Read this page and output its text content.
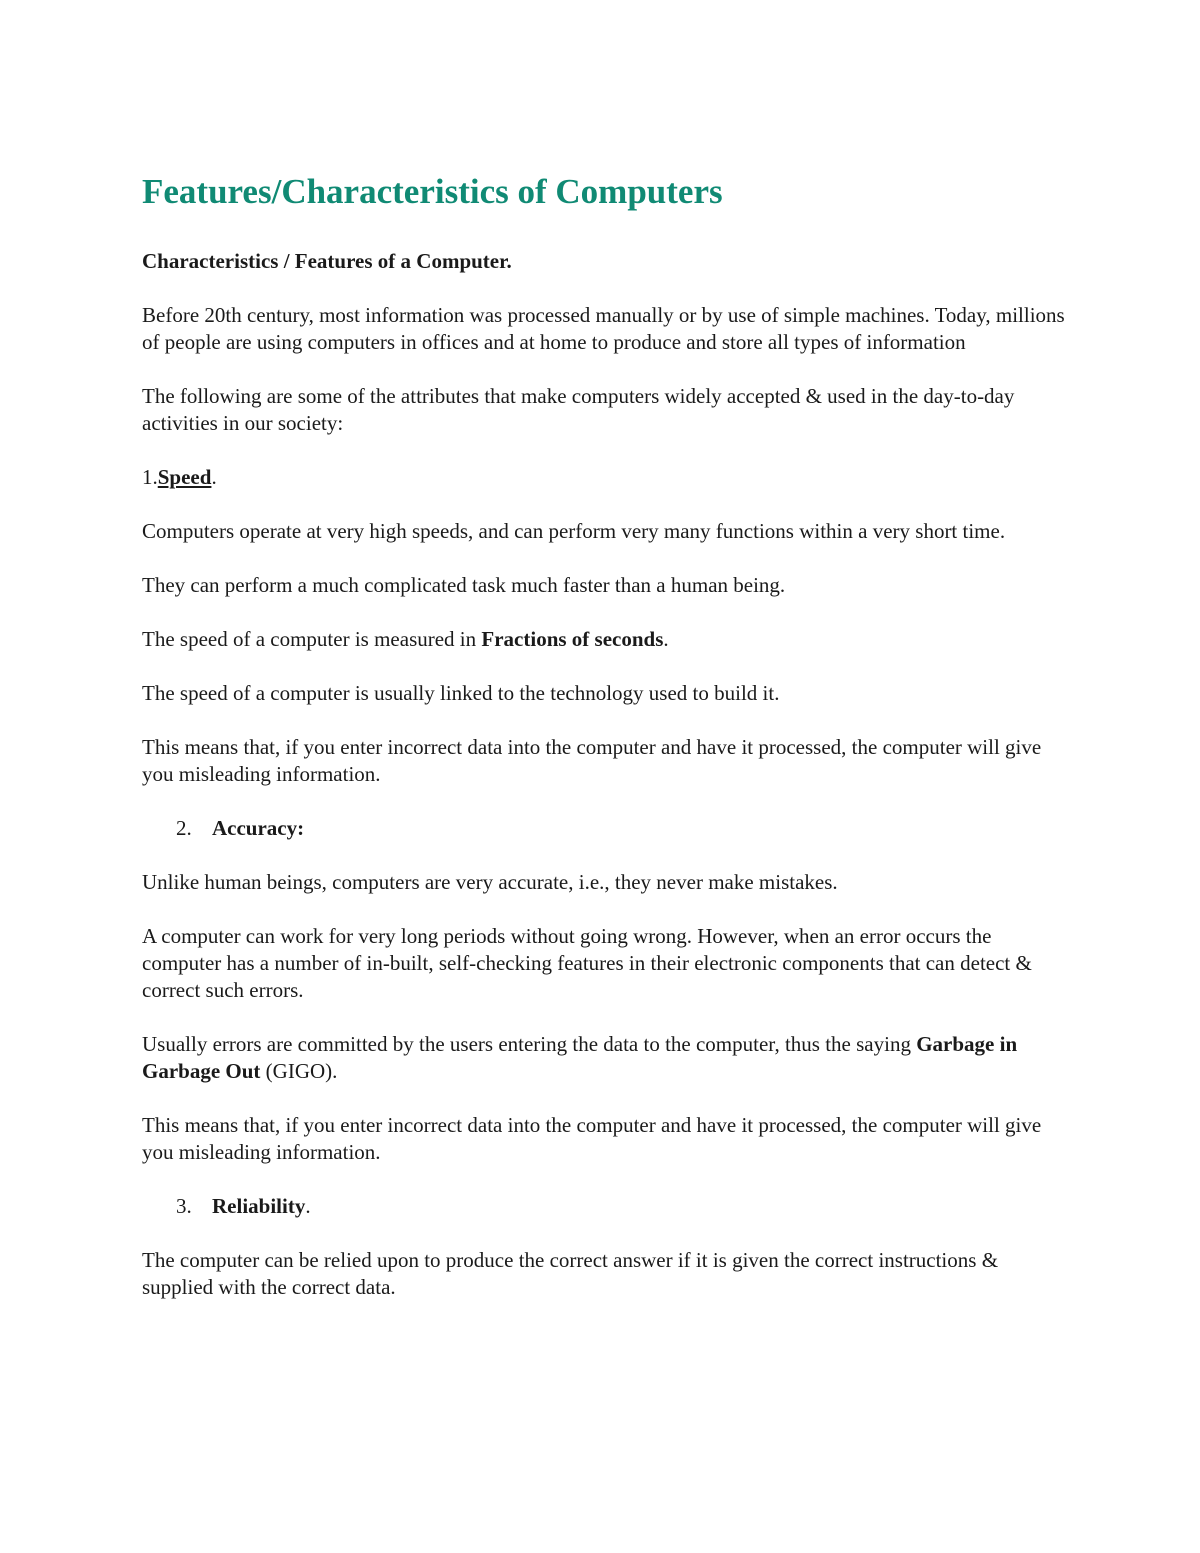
Features/Characteristics of Computers

Characteristics / Features of a Computer.

Before 20th century, most information was processed manually or by use of simple machines. Today, millions of people are using computers in offices and at home to produce and store all types of information

The following are some of the attributes that make computers widely accepted & used in the day-to-day activities in our society:

1.Speed.

Computers operate at very high speeds, and can perform very many functions within a very short time.

They can perform a much complicated task much faster than a human being.

The speed of a computer is measured in Fractions of seconds.

The speed of a computer is usually linked to the technology used to build it.

This means that, if you enter incorrect data into the computer and have it processed, the computer will give you misleading information.

2. Accuracy:

Unlike human beings, computers are very accurate, i.e., they never make mistakes.

A computer can work for very long periods without going wrong. However, when an error occurs the computer has a number of in-built, self-checking features in their electronic components that can detect & correct such errors.

Usually errors are committed by the users entering the data to the computer, thus the saying Garbage in Garbage Out (GIGO).

This means that, if you enter incorrect data into the computer and have it processed, the computer will give you misleading information.

3. Reliability.

The computer can be relied upon to produce the correct answer if it is given the correct instructions & supplied with the correct data.
